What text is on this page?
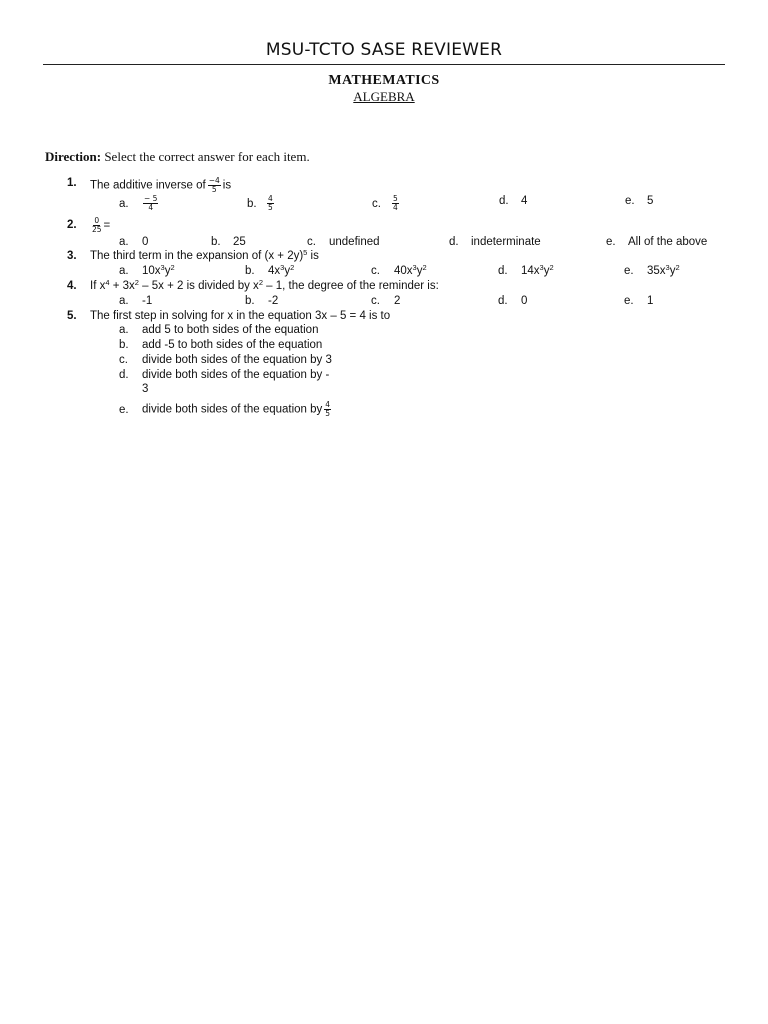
MSU-TCTO SASE REVIEWER
MATHEMATICS
ALGEBRA
Direction: Select the correct answer for each item.
1. The additive inverse of $\frac{-4}{5}$ is
a. $\frac{- 5}{4}$	b. $\frac{4}{5}$	c. $\frac{5}{4}$	d. 4	e. 5
2. $\frac{0}{25}$ =
a. 0	b. 25	c. undefined	d. indeterminate	e. All of the above
3. The third term in the expansion of $(x + 2y)^5$ is
a. $10x^3y^2$	b. $4x^3y^2$	c. $40x^3y^2$	d. $14x^3y^2$	e. $35x^3y^2$
4. If $x^4 + 3x^2 - 5x + 2$ is divided by $x^2 - 1$, the degree of the reminder is:
a. -1	b. -2	c. 2	d. 0	e. 1
5. The first step in solving for x in the equation 3x – 5 = 4 is to
a. add 5 to both sides of the equation
b. add -5 to both sides of the equation
c. divide both sides of the equation by 3
d. divide both sides of the equation by -
3
e. divide both sides of the equation by $\frac{4}{5}$
